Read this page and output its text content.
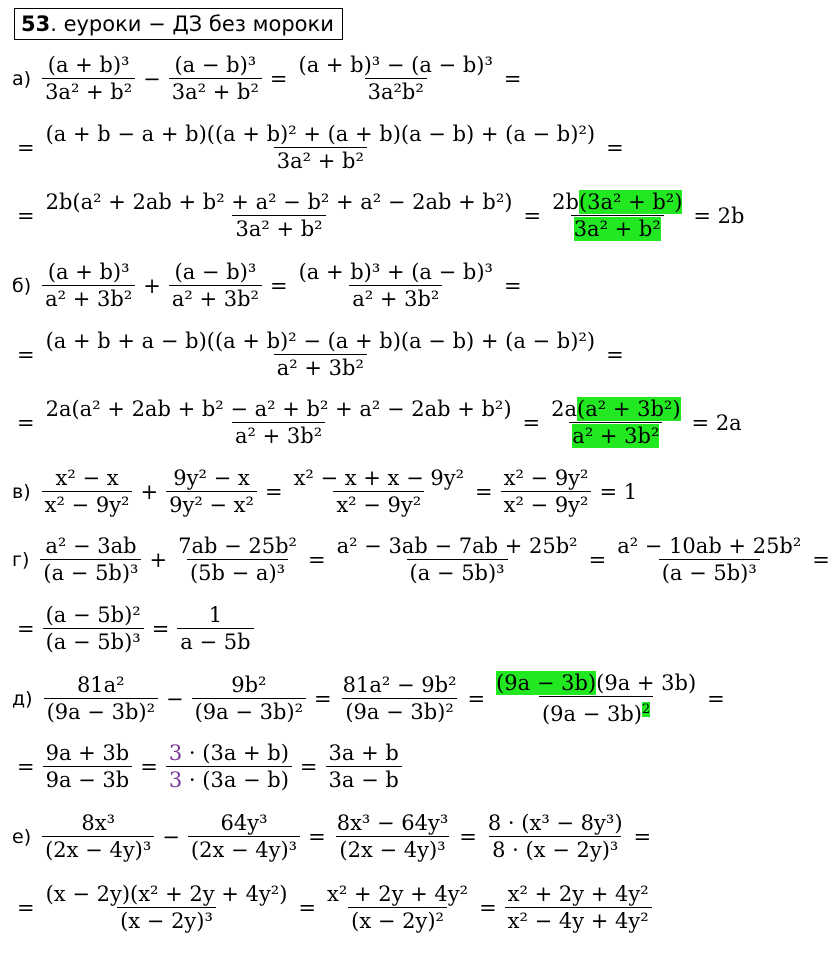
53. еуроки − ДЗ без мороки
$а) \frac{\text{(a + b)³}}{\text{3a² + b²}} - \frac{\text{(a − b)³}}{\text{3a² + b²}} = \frac{\text{(a + b)³ − (a − b)³}}{\text{3a²b²}}$ =
= $\frac{\text{(a + b − a + b)((a + b)² + (a + b)(a − b) + (a − b)²)}}{\text{3a² + b²}}$ =
= $\frac{\text{2b(a² + 2ab + b² + a² − b² + a² − 2ab + b²)}}{\text{3a² + b²}} = \frac{\text{2b(3a² + b²)}}{\text{3a² + b²}} = 2b$
$б) \frac{\text{(a + b)³}}{\text{a² + 3b²}} + \frac{\text{(a − b)³}}{\text{a² + 3b²}} = \frac{\text{(a + b)³ + (a − b)³}}{\text{a² + 3b²}}$ =
= $\frac{\text{(a + b + a − b)((a + b)² − (a + b)(a − b) + (a − b)²)}}{\text{a² + 3b²}}$ =
= $\frac{\text{2a(a² + 2ab + b² − a² + b² + a² − 2ab + b²)}}{\text{a² + 3b²}} = \frac{\text{2a(a² + 3b²)}}{\text{a² + 3b²}} = 2a$
$в) \frac{\text{x² − x}}{\text{x² − 9y²}} + \frac{\text{9y² − x}}{\text{9y² − x²}} = \frac{\text{x² − x + x − 9y²}}{\text{x² − 9y²}} = \frac{\text{x² − 9y²}}{\text{x² − 9y²}} = 1$
$г) \frac{\text{a² − 3ab}}{\text{(a − 5b)³}} + \frac{\text{7ab − 25b²}}{\text{(5b − a)³}} = \frac{\text{a² − 3ab − 7ab + 25b²}}{\text{(a − 5b)³}} = \frac{\text{a² − 10ab + 25b²}}{\text{(a − 5b)³}}$ =
= $\frac{\text{(a − 5b)²}}{\text{(a − 5b)³}} = \frac{1}{a - 5b}$
$д) \frac{\text{81a²}}{\text{(9a − 3b)²}} - \frac{\text{9b²}}{\text{(9a − 3b)²}} = \frac{\text{81a² − 9b²}}{\text{(9a − 3b)²}} = \frac{(9a - 3b)(9a + 3b)}{(9a - 3b)^2}$ =
= $\frac{9a + 3b}{9a - 3b} = \frac{3 \cdot (3a + b)}{3 \cdot (3a - b)} = \frac{3a + b}{3a - b}$
$е) \frac{\text{8x³}}{\text{(2x − 4y)³}} - \frac{\text{64y³}}{\text{(2x − 4y)³}} = \frac{\text{8x³ − 64y³}}{\text{(2x − 4y)³}} = \frac{\text{8 · (x³ − 8y³)}}{\text{8 · (x − 2y)³}}$ =
= $\frac{\text{(x − 2y)(x² + 2y + 4y²)}}{\text{(x − 2y)³}} = \frac{\text{x² + 2y + 4y²}}{\text{(x − 2y)²}} = \frac{\text{x² + 2y + 4y²}}{\text{x² − 4y + 4y²}}$
